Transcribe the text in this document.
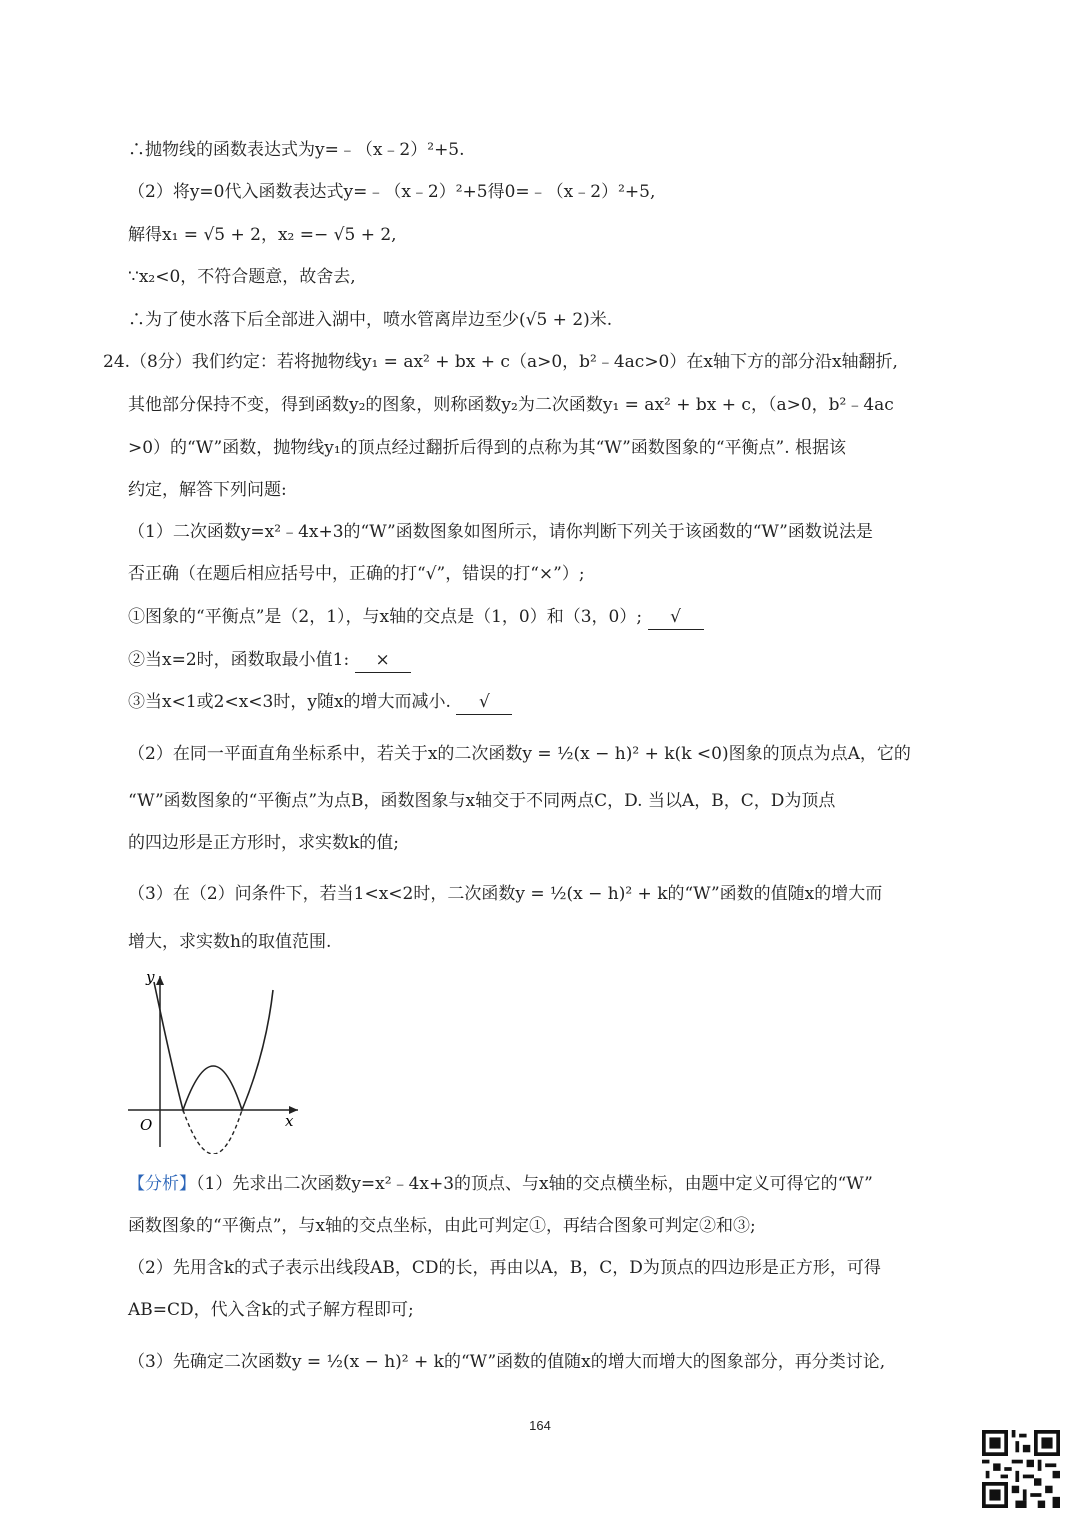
∴抛物线的函数表达式为y=﹣（x﹣2）²+5.
（2）将y=0代入函数表达式y=﹣（x﹣2）²+5得0=﹣（x﹣2）²+5,
解得x₁ = √5 + 2，x₂ =− √5 + 2,
∵x₂<0，不符合题意，故舍去,
∴为了使水落下后全部进入湖中，喷水管离岸边至少(√5 + 2)米.
24.（8分）我们约定：若将抛物线y₁ = ax² + bx + c（a>0，b²﹣4ac>0）在x轴下方的部分沿x轴翻折,
其他部分保持不变，得到函数y₂的图象，则称函数y₂为二次函数y₁ = ax² + bx + c，（a>0，b²﹣4ac
>0）的“W”函数，抛物线y₁的顶点经过翻折后得到的点称为其“W”函数图象的“平衡点”. 根据该
约定，解答下列问题:
（1）二次函数y=x²﹣4x+3的“W”函数图象如图所示，请你判断下列关于该函数的“W”函数说法是
否正确（在题后相应括号中，正确的打“√”，错误的打“×”）;
①图象的“平衡点”是（2，1），与x轴的交点是（1，0）和（3，0）; √
②当x=2时，函数取最小值1: ×
③当x<1或2<x<3时，y随x的增大而减小. √
（2）在同一平面直角坐标系中，若关于x的二次函数y = ½(x − h)² + k(k <0)图象的顶点为点A，它的
“W”函数图象的“平衡点”为点B，函数图象与x轴交于不同两点C，D. 当以A，B，C，D为顶点
的四边形是正方形时，求实数k的值;
（3）在（2）问条件下，若当1<x<2时，二次函数y = ½(x − h)² + k的“W”函数的值随x的增大而
增大，求实数h的取值范围.
y
x
O
【分析】（1）先求出二次函数y=x²﹣4x+3的顶点、与x轴的交点横坐标，由题中定义可得它的“W”
函数图象的“平衡点”，与x轴的交点坐标，由此可判定①，再结合图象可判定②和③;
（2）先用含k的式子表示出线段AB，CD的长，再由以A，B，C，D为顶点的四边形是正方形，可得
AB=CD，代入含k的式子解方程即可;
（3）先确定二次函数y = ½(x − h)² + k的“W”函数的值随x的增大而增大的图象部分，再分类讨论,
164
